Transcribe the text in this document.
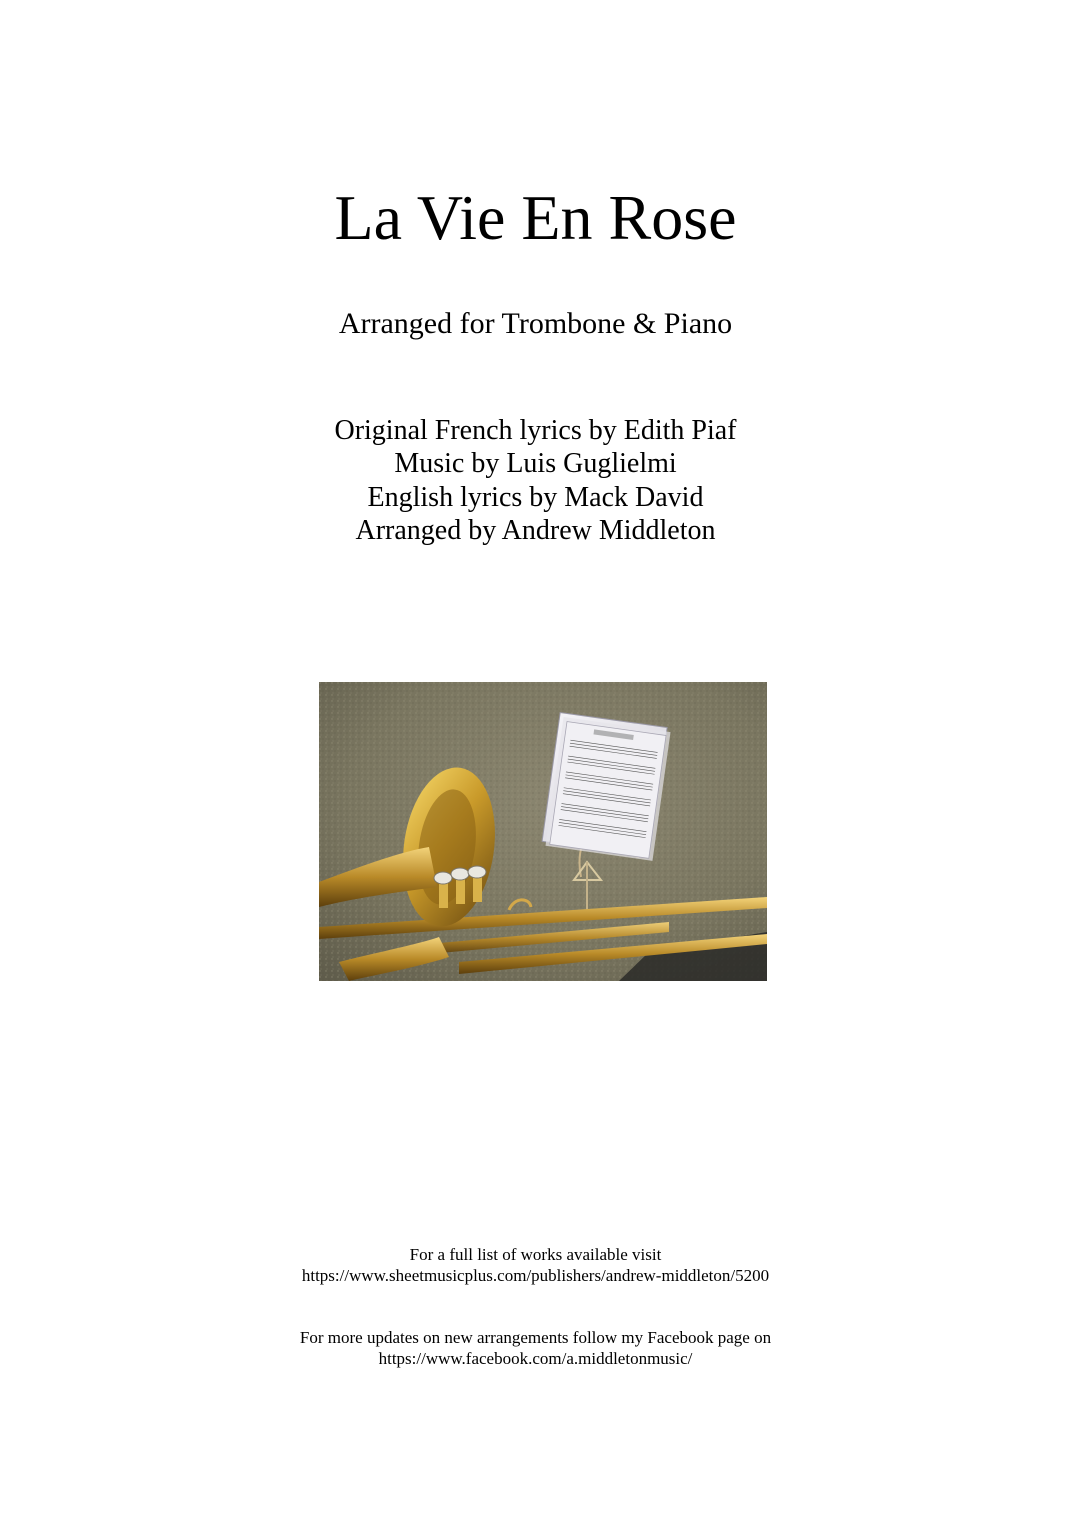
La Vie En Rose
Arranged for Trombone & Piano
Original French lyrics by Edith Piaf
Music by Luis Guglielmi
English lyrics by Mack David
Arranged by Andrew Middleton
For a full list of works available visit
https://www.sheetmusicplus.com/publishers/andrew-middleton/5200
For more updates on new arrangements follow my Facebook page on
https://www.facebook.com/a.middletonmusic/
